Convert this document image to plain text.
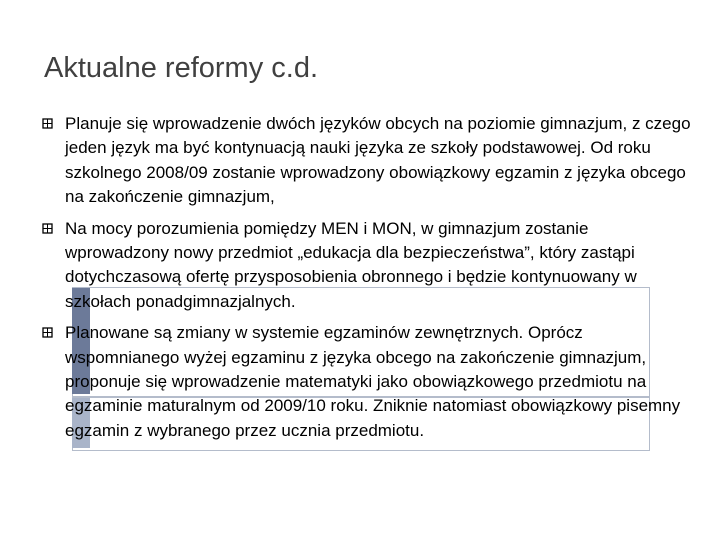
Aktualne reformy c.d.
Planuje się wprowadzenie dwóch języków obcych na poziomie gimnazjum, z czego jeden język ma być kontynuacją nauki języka ze szkoły podstawowej. Od roku szkolnego 2008/09 zostanie wprowadzony obowiązkowy egzamin z języka obcego na zakończenie gimnazjum,
Na mocy porozumienia pomiędzy MEN i MON, w gimnazjum zostanie wprowadzony nowy przedmiot „edukacja dla bezpieczeństwa”, który zastąpi dotychczasową ofertę przysposobienia obronnego i będzie kontynuowany w szkołach ponadgimnazjalnych.
Planowane są zmiany w systemie egzaminów zewnętrznych. Oprócz wspomnianego wyżej egzaminu z języka obcego na zakończenie gimnazjum, proponuje się wprowadzenie matematyki jako obowiązkowego przedmiotu na egzaminie maturalnym od 2009/10 roku. Zniknie natomiast obowiązkowy pisemny egzamin z wybranego przez ucznia przedmiotu.
